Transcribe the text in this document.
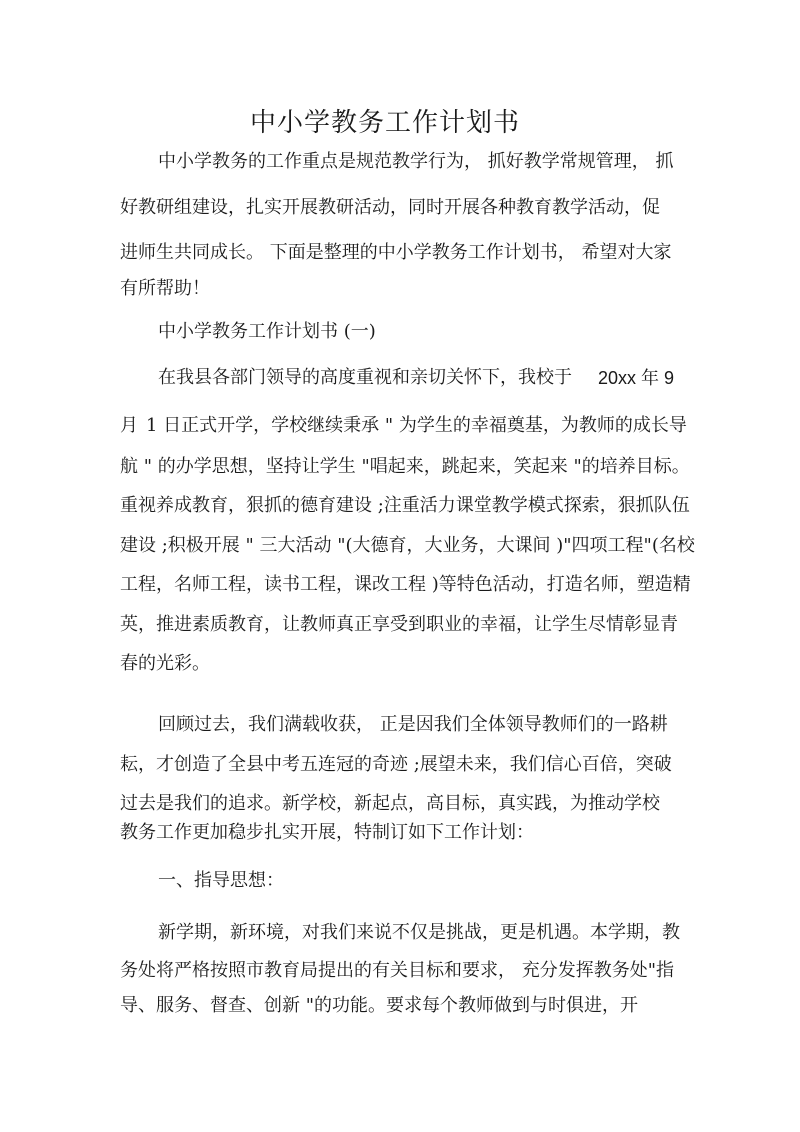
中小学教务工作计划书
中小学教务的工作重点是规范教学行为， 抓好教学常规管理， 抓
好教研组建设，扎实开展教研活动，同时开展各种教育教学活动，促
进师生共同成长。 下面是整理的中小学教务工作计划书， 希望对大家
有所帮助！
中小学教务工作计划书 (一)
在我县各部门领导的高度重视和亲切关怀下，我校于 20xx 年 9
月 1 日正式开学，学校继续秉承 " 为学生的幸福奠基，为教师的成长导
航 " 的办学思想，坚持让学生 "唱起来，跳起来，笑起来 "的培养目标。
重视养成教育，狠抓的德育建设 ;注重活力课堂教学模式探索，狠抓队伍
建设 ;积极开展 " 三大活动 "(大德育，大业务，大课间 )"四项工程"(名校
工程，名师工程，读书工程，课改工程 )等特色活动，打造名师，塑造精
英，推进素质教育，让教师真正享受到职业的幸福，让学生尽情彰显青
春的光彩。
回顾过去，我们满载收获， 正是因我们全体领导教师们的一路耕
耘，才创造了全县中考五连冠的奇迹 ;展望未来，我们信心百倍，突破
过去是我们的追求。新学校，新起点，高目标，真实践，为推动学校
教务工作更加稳步扎实开展，特制订如下工作计划：
一、指导思想：
新学期，新环境，对我们来说不仅是挑战，更是机遇。本学期，教
务处将严格按照市教育局提出的有关目标和要求， 充分发挥教务处"指
导、服务、督查、创新 "的功能。要求每个教师做到与时俱进，开
